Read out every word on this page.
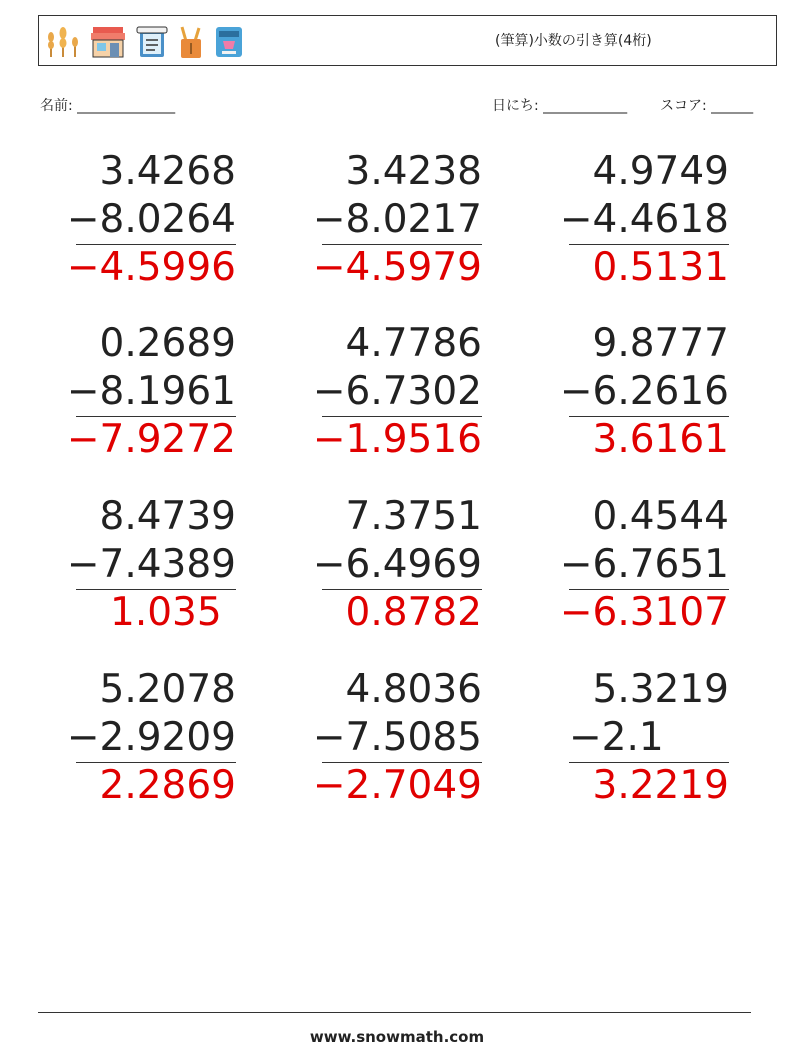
(筆算)小数の引き算(4桁)
名前: ______________	日にち: ____________ スコア: ______
3.4268
−8.0264
−4.5996
3.4238
−8.0217
−4.5979
4.9749
−4.4618
0.5131
0.2689
−8.1961
−7.9272
4.7786
−6.7302
−1.9516
9.8777
−6.2616
3.6161
8.4739
−7.4389
1.035
7.3751
−6.4969
0.8782
0.4544
−6.7651
−6.3107
5.2078
−2.9209
2.2869
4.8036
−7.5085
−2.7049
5.3219
−2.1
3.2219
www.snowmath.com
